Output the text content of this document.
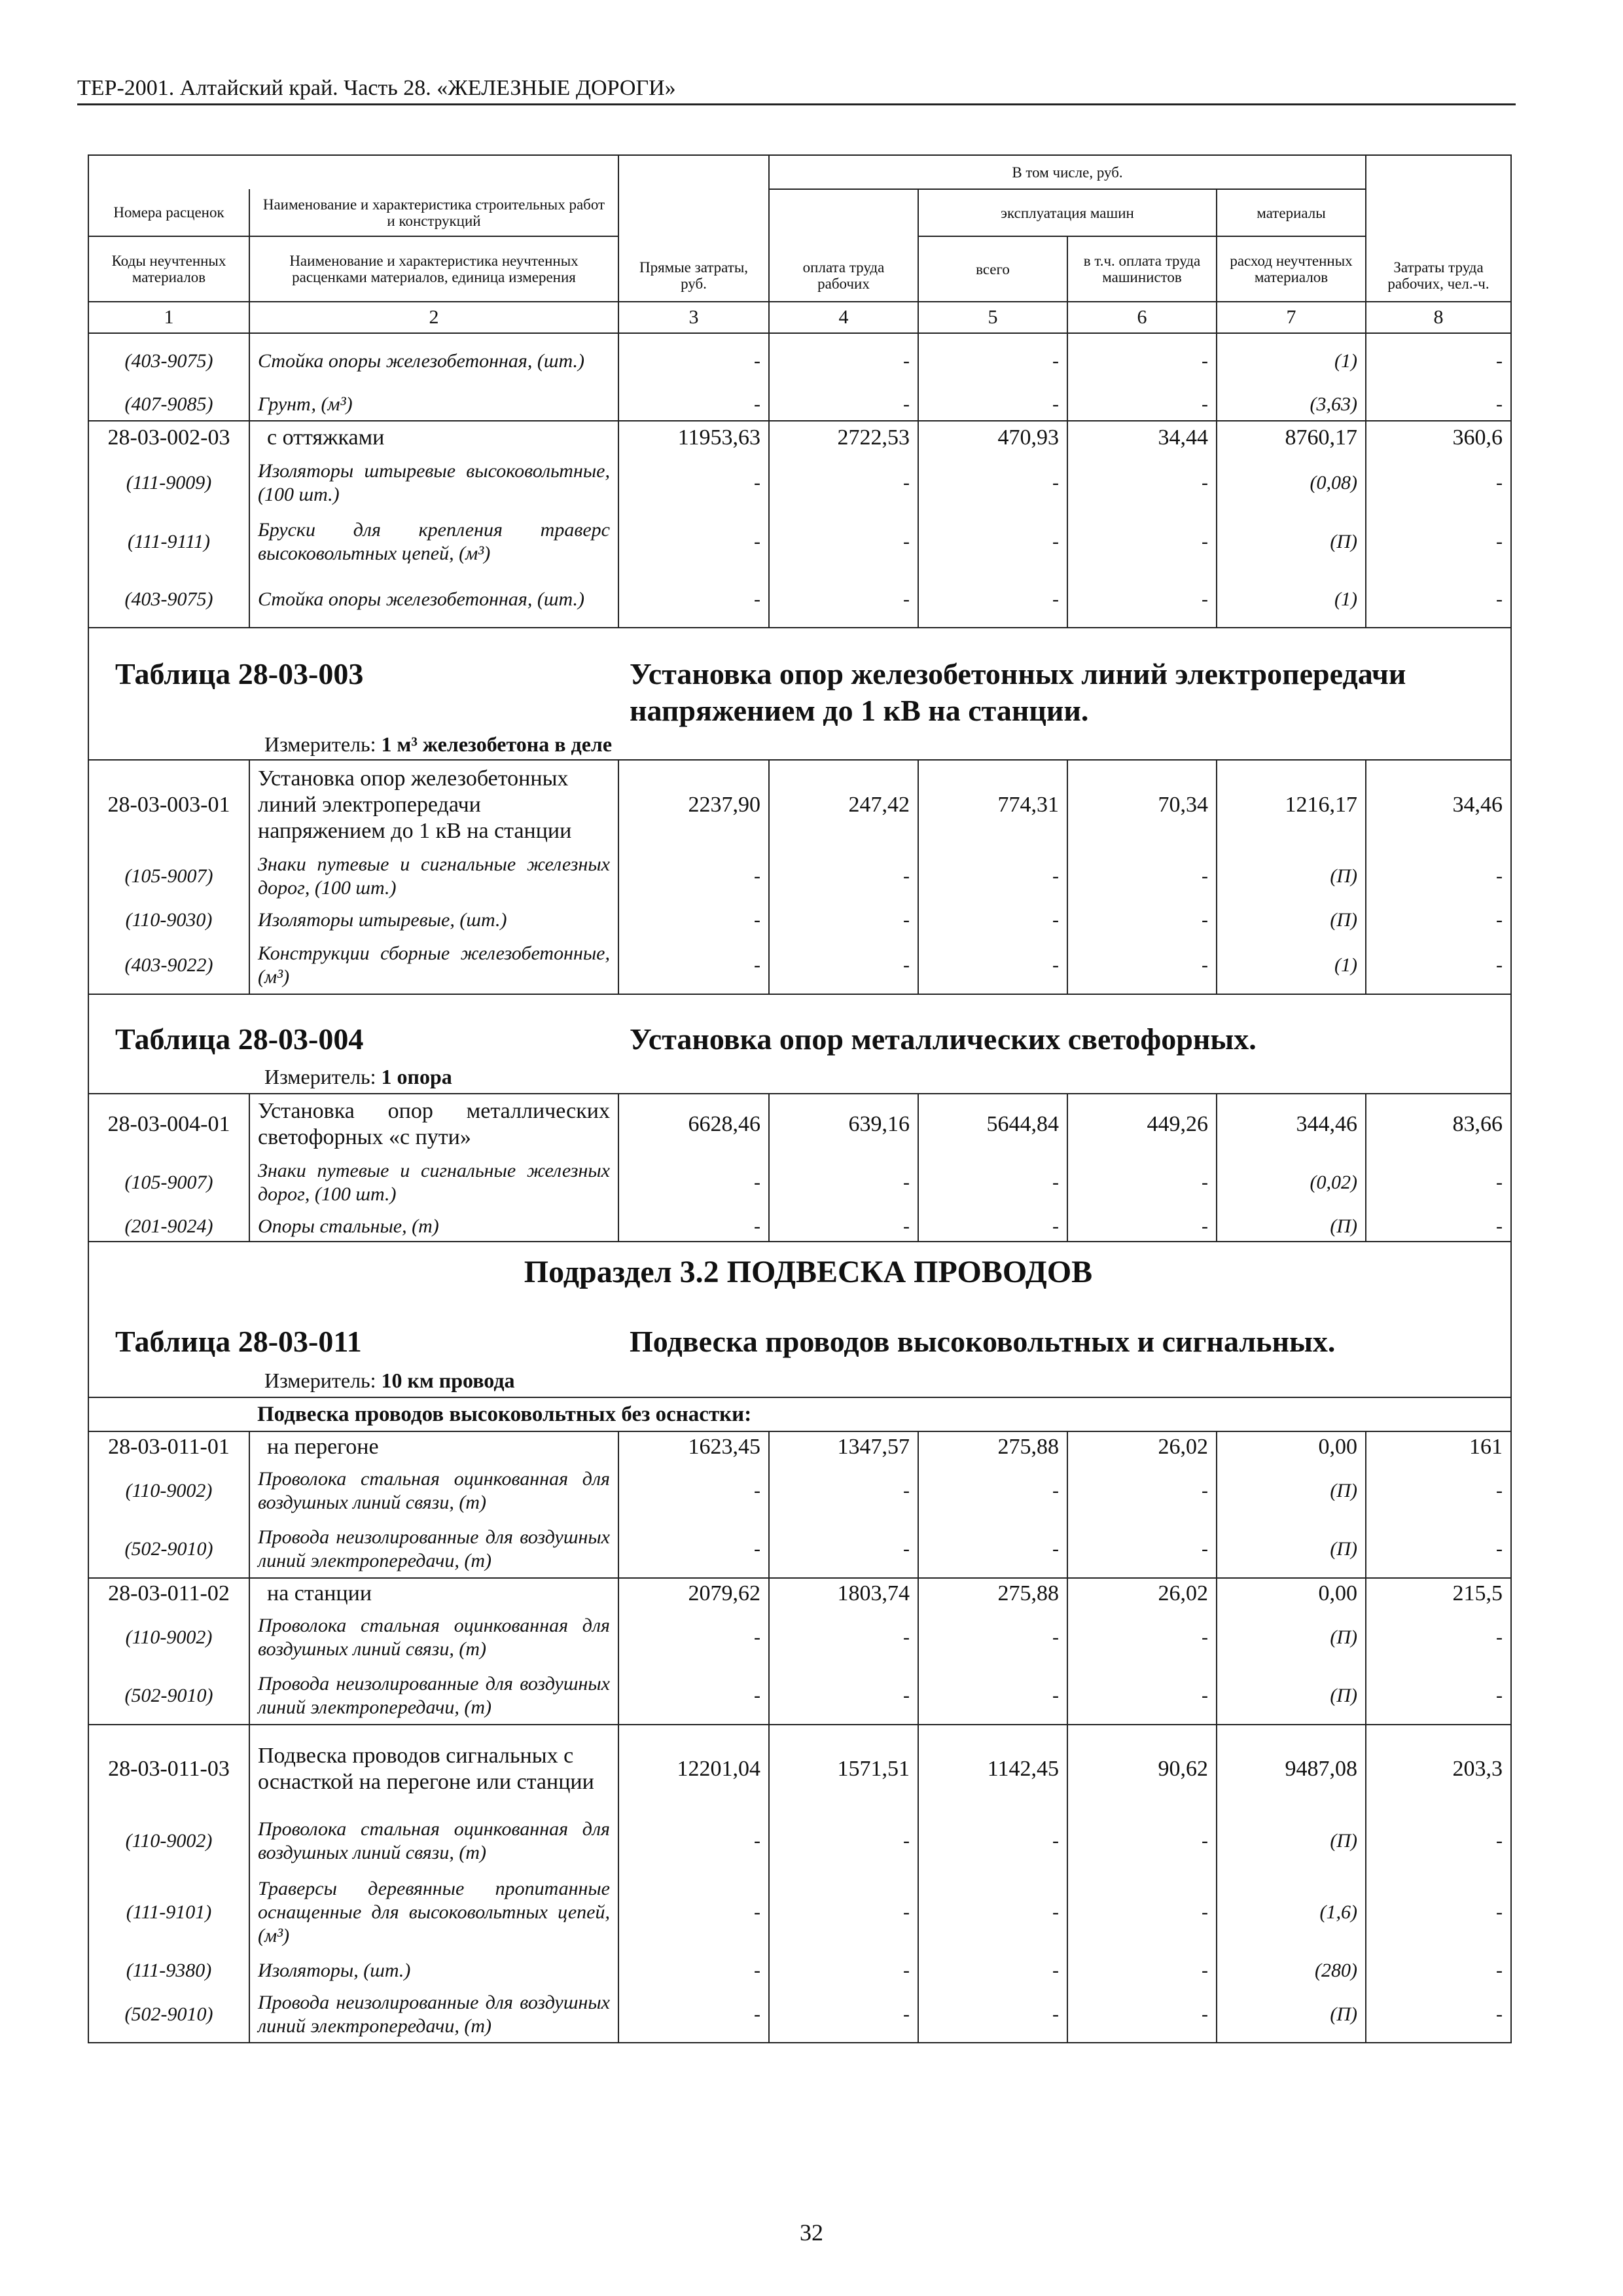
ТЕР-2001. Алтайский край. Часть 28. «ЖЕЛЕЗНЫЕ ДОРОГИ»
		Прямые затраты, руб.	В том числе, руб.				Затраты труда рабочих, чел.-ч.
Номера расценок	Наименование и характеристика строительных работ и конструкций		оплата труда рабочих	эксплуатация машин		материалы	
Коды неучтенных материалов	Наименование и характеристика неучтенных расценками материалов, единица измерения			всего	в т.ч. оплата труда машинистов	расход неучтенных материалов	
1	2	3	4	5	6	7	8
(403-9075)	Стойка опоры железобетонная, (шт.)	-	-	-	-	(1)	-
(407-9085)	Грунт, (м³)	-	-	-	-	(3,63)	-
28-03-002-03	с оттяжками	11953,63	2722,53	470,93	34,44	8760,17	360,6
(111-9009)	Изоляторы штыревые высоковольтные, (100 шт.)	-	-	-	-	(0,08)	-
(111-9111)	Бруски для крепления траверс высоковольтных цепей, (м³)	-	-	-	-	(П)	-
(403-9075)	Стойка опоры железобетонная, (шт.)	-	-	-	-	(1)	-

Таблица 28-03-003 Установка опор железобетонных линий электропередачи напряжением до 1 кВ на станции.
Измеритель: 1 м³ железобетона в деле							

28-03-003-01	Установка опор железобетонных линий электропередачи напряжением до 1 кВ на станции	2237,90	247,42	774,31	70,34	1216,17	34,46
(105-9007)	Знаки путевые и сигнальные железных дорог, (100 шт.)	-	-	-	-	(П)	-
(110-9030)	Изоляторы штыревые, (шт.)	-	-	-	-	(П)	-
(403-9022)	Конструкции сборные железобетонные, (м³)	-	-	-	-	(1)	-

Таблица 28-03-004 Установка опор металлических светофорных.
Измеритель: 1 опора							

28-03-004-01	Установка опор металлических светофорных «с пути»	6628,46	639,16	5644,84	449,26	344,46	83,66
(105-9007)	Знаки путевые и сигнальные железных дорог, (100 шт.)	-	-	-	-	(0,02)	-
(201-9024)	Опоры стальные, (т)	-	-	-	-	(П)	-

Подраздел 3.2 ПОДВЕСКА ПРОВОДОВ
Таблица 28-03-011 Подвеска проводов высоковольтных и сигнальных.
Измеритель: 10 км провода							

	Подвеска проводов высоковольтных без оснастки:						
28-03-011-01	на перегоне	1623,45	1347,57	275,88	26,02	0,00	161
(110-9002)	Проволока стальная оцинкованная для воздушных линий связи, (т)	-	-	-	-	(П)	-
(502-9010)	Провода неизолированные для воздушных линий электропередачи, (т)	-	-	-	-	(П)	-
28-03-011-02	на станции	2079,62	1803,74	275,88	26,02	0,00	215,5
(110-9002)	Проволока стальная оцинкованная для воздушных линий связи, (т)	-	-	-	-	(П)	-
(502-9010)	Провода неизолированные для воздушных линий электропередачи, (т)	-	-	-	-	(П)	-
28-03-011-03	Подвеска проводов сигнальных с оснасткой на перегоне или станции	12201,04	1571,51	1142,45	90,62	9487,08	203,3
(110-9002)	Проволока стальная оцинкованная для воздушных линий связи, (т)	-	-	-	-	(П)	-
(111-9101)	Траверсы деревянные пропитанные оснащенные для высоковольтных цепей, (м³)	-	-	-	-	(1,6)	-
(111-9380)	Изоляторы, (шт.)	-	-	-	-	(280)	-
(502-9010)	Провода неизолированные для воздушных линий электропередачи, (т)	-	-	-	-	(П)	-
32
